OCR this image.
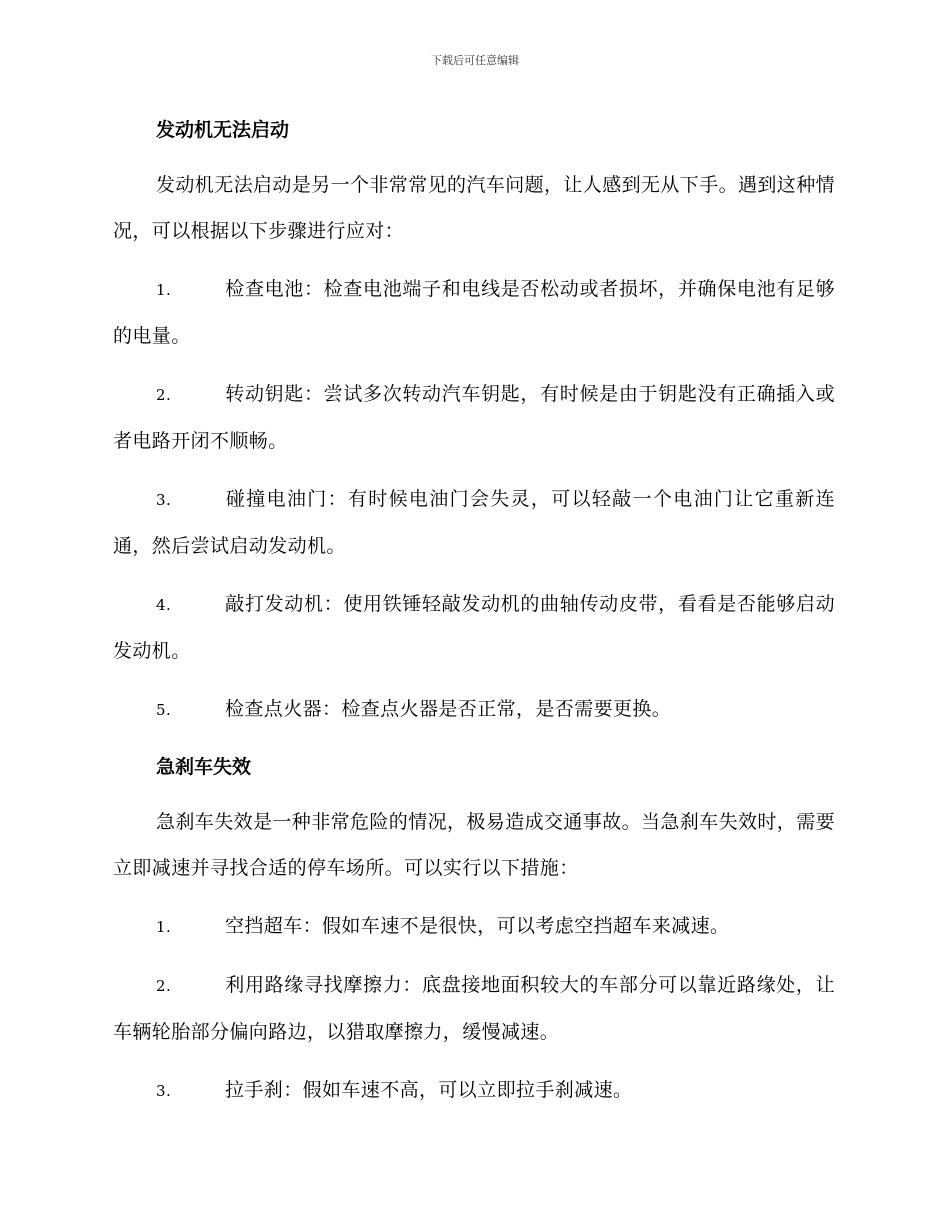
下载后可任意编辑
发动机无法启动
发动机无法启动是另一个非常常见的汽车问题，让人感到无从下手。遇到这种情况，可以根据以下步骤进行应对：
1.	检查电池：检查电池端子和电线是否松动或者损坏，并确保电池有足够的电量。
2.	转动钥匙：尝试多次转动汽车钥匙，有时候是由于钥匙没有正确插入或者电路开闭不顺畅。
3.	碰撞电油门：有时候电油门会失灵，可以轻敲一个电油门让它重新连通，然后尝试启动发动机。
4.	敲打发动机：使用铁锤轻敲发动机的曲轴传动皮带，看看是否能够启动发动机。
5.	检查点火器：检查点火器是否正常，是否需要更换。
急刹车失效
急刹车失效是一种非常危险的情况，极易造成交通事故。当急刹车失效时，需要立即减速并寻找合适的停车场所。可以实行以下措施：
1.	空挡超车：假如车速不是很快，可以考虑空挡超车来减速。
2.	利用路缘寻找摩擦力：底盘接地面积较大的车部分可以靠近路缘处，让车辆轮胎部分偏向路边，以猎取摩擦力，缓慢减速。
3.	拉手刹：假如车速不高，可以立即拉手刹减速。
